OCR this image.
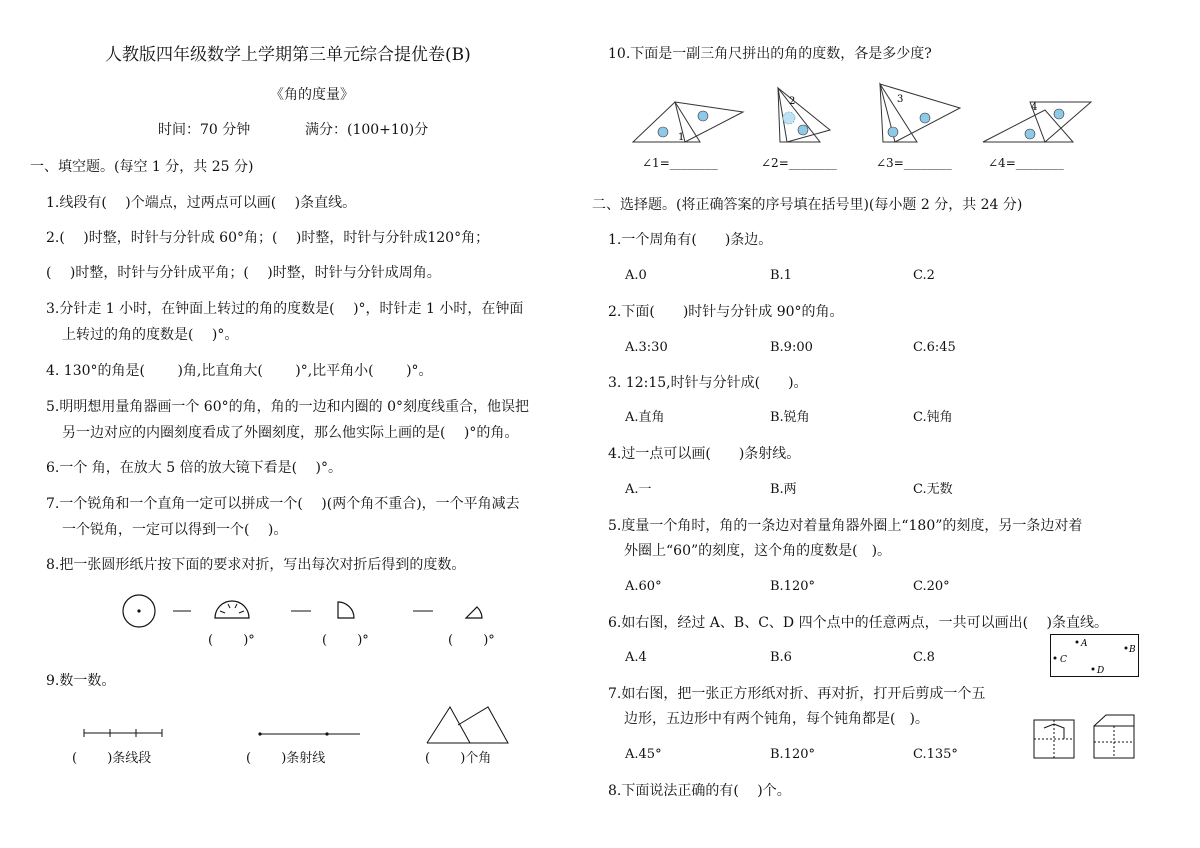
人教版四年级数学上学期第三单元综合提优卷(B)
《角的度量》
时间：70 分钟	满分：(100+10)分
一、填空题。(每空 1 分，共 25 分)
1.线段有(　 )个端点，过两点可以画(　 )条直线。
2.(　 )时整，时针与分针成 60°角；(　 )时整，时针与分针成120°角；
(　 )时整，时针与分针成平角；(　 )时整，时针与分针成周角。
3.分针走 1 小时，在钟面上转过的角的度数是(　 )°，时针走 1 小时，在钟面
上转过的角的度数是(　 )°。
4. 130°的角是(　　 )角,比直角大(　　 )°,比平角小(　　 )°。
5.明明想用量角器画一个 60°的角，角的一边和内圈的 0°刻度线重合，他误把
另一边对应的内圈刻度看成了外圈刻度，那么他实际上画的是(　 )°的角。
6.一个 角，在放大 5 倍的放大镜下看是(　 )°。
7.一个锐角和一个直角一定可以拼成一个(　 )(两个角不重合)，一个平角减去
一个锐角，一定可以得到一个(　 )。
8.把一张圆形纸片按下面的要求对折，写出每次对折后得到的度数。
(　 　)°	(　 　)°	(　 　)°
9.数一数。
(　　 )条线段	(　　 )条射线	(　　 )个角
10.下面是一副三角尺拼出的角的度数，各是多少度?
1
2	3
4
∠1=________	∠2=________	∠3=________	∠4=________
二、选择题。(将正确答案的序号填在括号里)(每小题 2 分，共 24 分)
1.一个周角有(　　)条边。
A.0	B.1	C.2
2.下面(　　)时针与分针成 90°的角。
A.3:30	B.9:00	C.6:45
3. 12:15,时针与分针成(　　)。
A.直角	B.锐角	C.钝角
4.过一点可以画(　　)条射线。
A.一	B.两	C.无数
5.度量一个角时，角的一条边对着量角器外圈上“180”的刻度，另一条边对着
外圈上“60”的刻度，这个角的度数是(　)。
A.60°	B.120°	C.20°
6.如右图，经过 A、B、C、D 四个点中的任意两点，一共可以画出(　 )条直线。
A.4	B.6	C.8
A
B
C
D
7.如右图，把一张正方形纸对折、再对折，打开后剪成一个五
边形，五边形中有两个钝角，每个钝角都是(　)。
A.45°	B.120°	C.135°
8.下面说法正确的有(　 )个。
